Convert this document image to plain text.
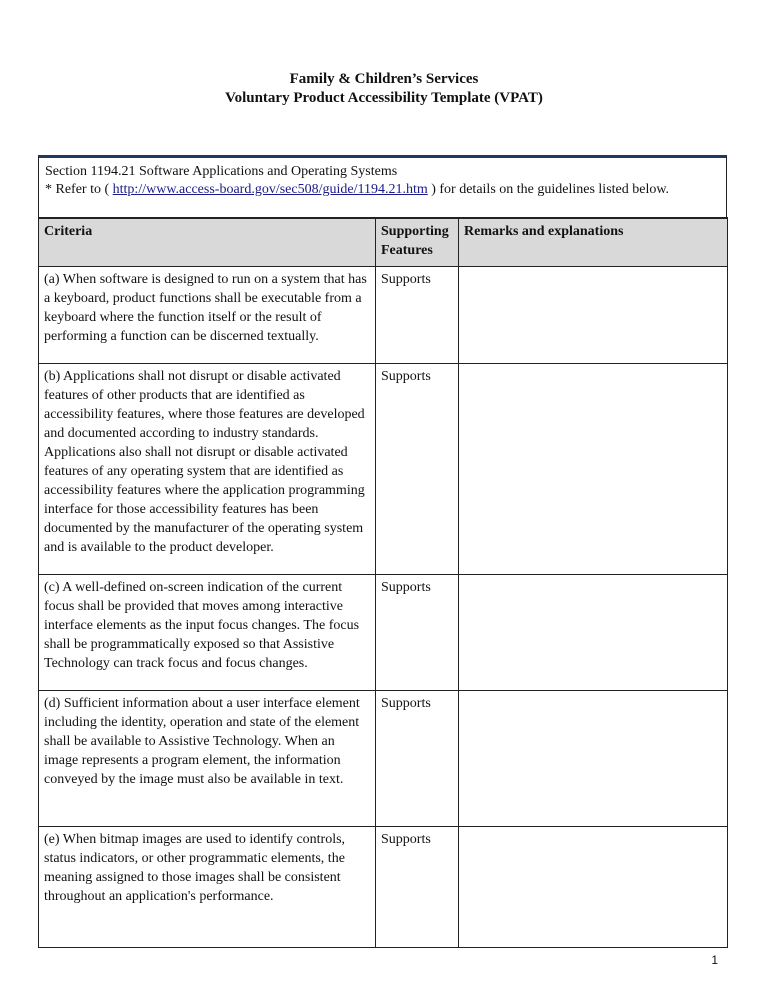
Family & Children’s Services
Voluntary Product Accessibility Template (VPAT)
Section 1194.21 Software Applications and Operating Systems
* Refer to ( http://www.access-board.gov/sec508/guide/1194.21.htm ) for details on the guidelines listed below.
Criteria	Supporting Features	Remarks and explanations
(a) When software is designed to run on a system that has a keyboard, product functions shall be executable from a keyboard where the function itself or the result of performing a function can be discerned textually.	Supports	
(b) Applications shall not disrupt or disable activated features of other products that are identified as accessibility features, where those features are developed and documented according to industry standards. Applications also shall not disrupt or disable activated features of any operating system that are identified as accessibility features where the application programming interface for those accessibility features has been documented by the manufacturer of the operating system and is available to the product developer.	Supports	
(c) A well-defined on-screen indication of the current focus shall be provided that moves among interactive interface elements as the input focus changes. The focus shall be programmatically exposed so that Assistive Technology can track focus and focus changes.	Supports	
(d) Sufficient information about a user interface element including the identity, operation and state of the element shall be available to Assistive Technology. When an image represents a program element, the information conveyed by the image must also be available in text.	Supports	
(e) When bitmap images are used to identify controls, status indicators, or other programmatic elements, the meaning assigned to those images shall be consistent throughout an application's performance.	Supports	
1
